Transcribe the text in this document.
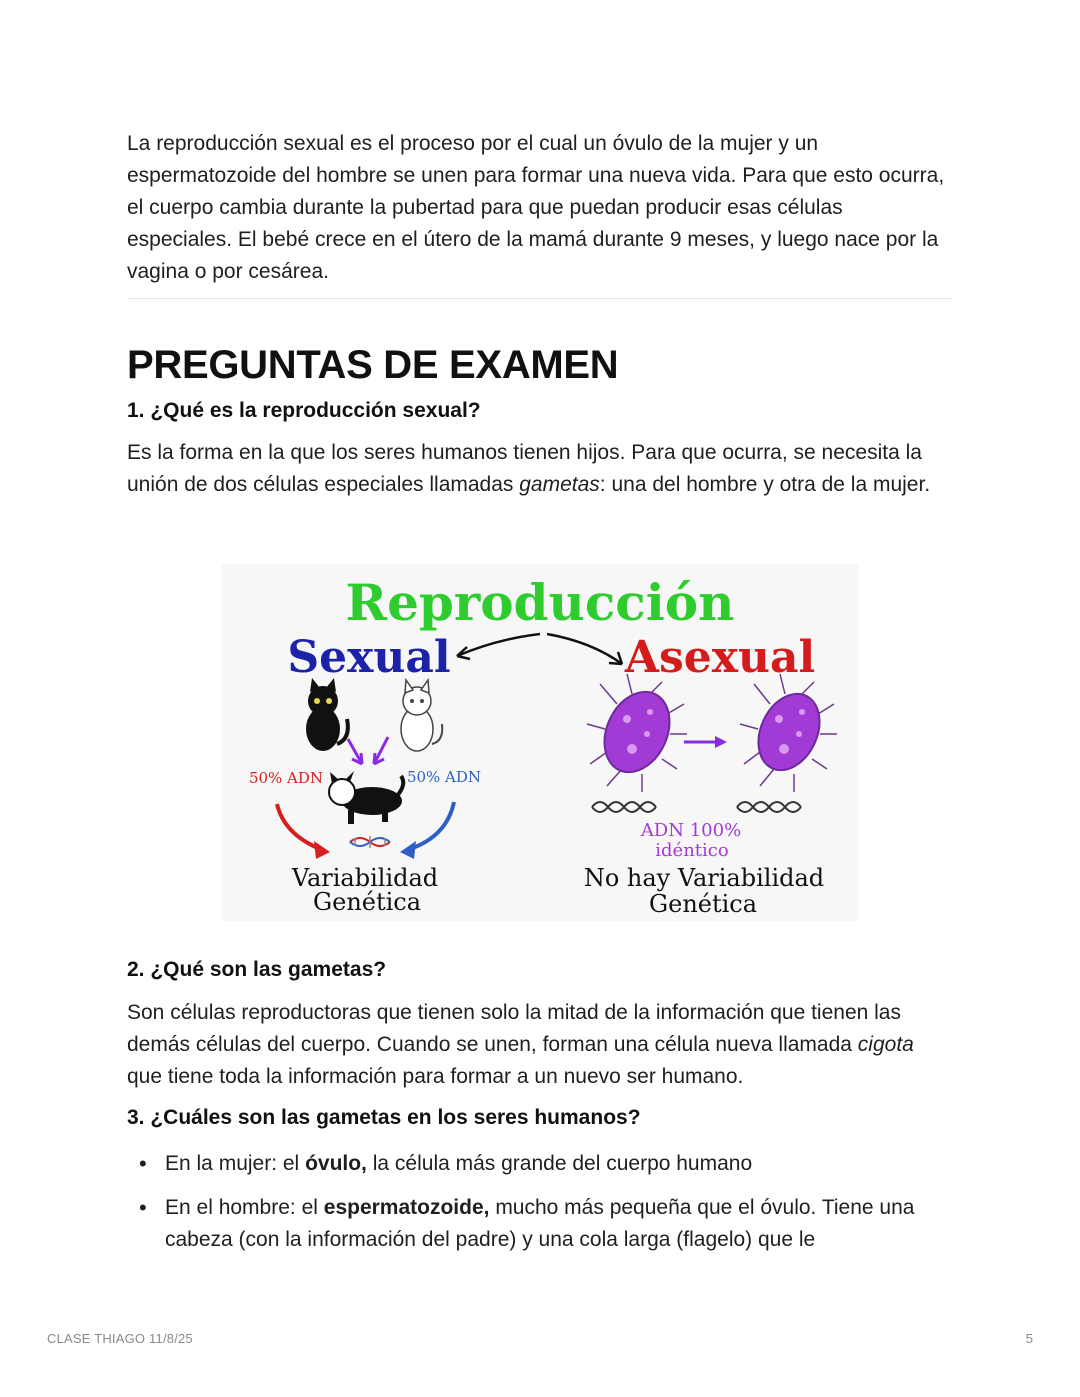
La reproducción sexual es el proceso por el cual un óvulo de la mujer y un espermatozoide del hombre se unen para formar una nueva vida. Para que esto ocurra, el cuerpo cambia durante la pubertad para que puedan producir esas células especiales. El bebé crece en el útero de la mamá durante 9 meses, y luego nace por la vagina o por cesárea.

PREGUNTAS DE EXAMEN
1. ¿Qué es la reproducción sexual?

Es la forma en la que los seres humanos tienen hijos. Para que ocurra, se necesita la unión de dos células especiales llamadas gametas: una del hombre y otra de la mujer.

Reproducción
Sexual	Asexual
50% ADN	50% ADN
Variabilidad
Genética
ADN 100%
idéntico
No hay Variabilidad
Genética
2. ¿Qué son las gametas?

Son células reproductoras que tienen solo la mitad de la información que tienen las demás células del cuerpo. Cuando se unen, forman una célula nueva llamada cigota que tiene toda la información para formar a un nuevo ser humano.

3. ¿Cuáles son las gametas en los seres humanos?
• En la mujer: el óvulo, la célula más grande del cuerpo humano
• En el hombre: el espermatozoide, mucho más pequeña que el óvulo. Tiene una cabeza (con la información del padre) y una cola larga (flagelo) que le
CLASE THIAGO 11/8/25	5
